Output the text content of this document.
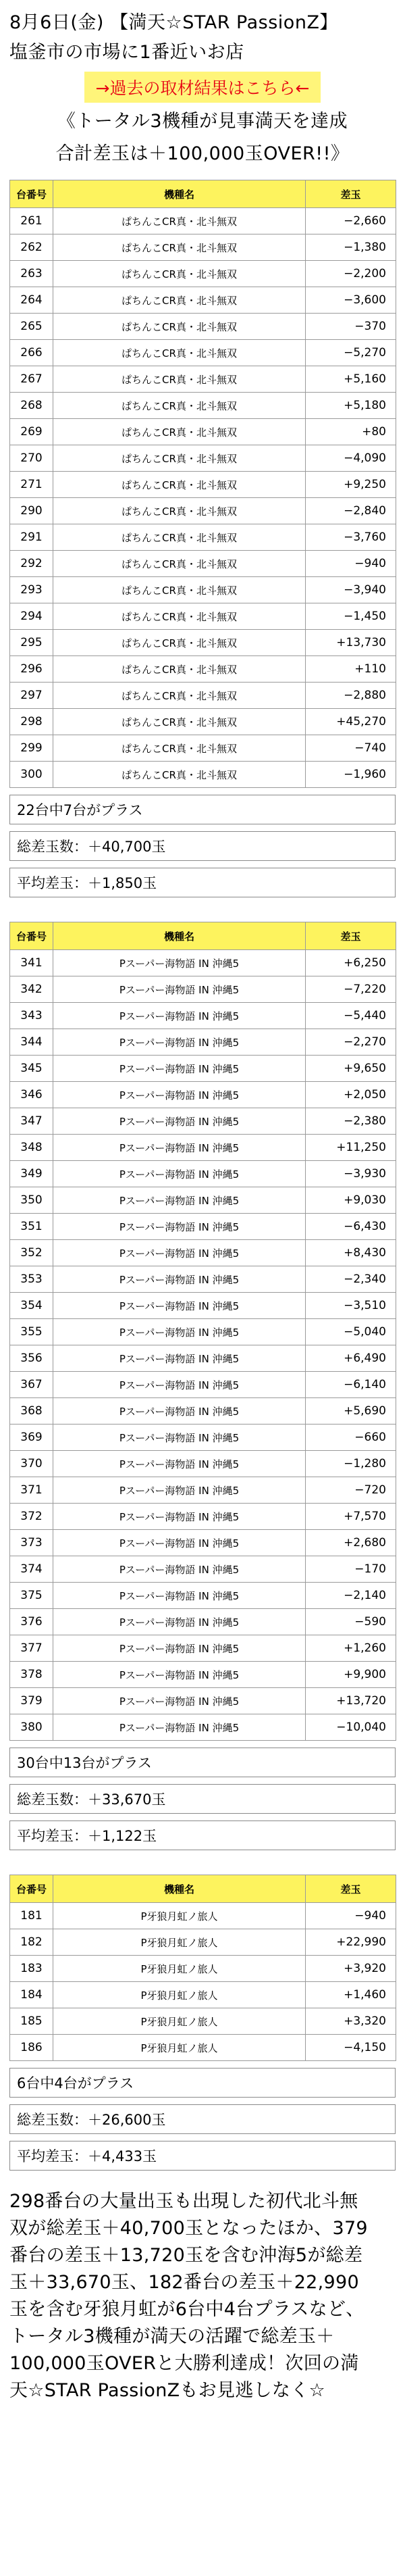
8月6日(金) 【満天☆STAR PassionZ】
塩釜市の市場に1番近いお店
→過去の取材結果はこちら←
《トータル3機種が見事満天を達成
合計差玉は＋100,000玉OVER!!》
台番号	機種名	差玉
261	ぱちんこCR真・北斗無双	−2,660
262	ぱちんこCR真・北斗無双	−1,380
263	ぱちんこCR真・北斗無双	−2,200
264	ぱちんこCR真・北斗無双	−3,600
265	ぱちんこCR真・北斗無双	−370
266	ぱちんこCR真・北斗無双	−5,270
267	ぱちんこCR真・北斗無双	+5,160
268	ぱちんこCR真・北斗無双	+5,180
269	ぱちんこCR真・北斗無双	+80
270	ぱちんこCR真・北斗無双	−4,090
271	ぱちんこCR真・北斗無双	+9,250
290	ぱちんこCR真・北斗無双	−2,840
291	ぱちんこCR真・北斗無双	−3,760
292	ぱちんこCR真・北斗無双	−940
293	ぱちんこCR真・北斗無双	−3,940
294	ぱちんこCR真・北斗無双	−1,450
295	ぱちんこCR真・北斗無双	+13,730
296	ぱちんこCR真・北斗無双	+110
297	ぱちんこCR真・北斗無双	−2,880
298	ぱちんこCR真・北斗無双	+45,270
299	ぱちんこCR真・北斗無双	−740
300	ぱちんこCR真・北斗無双	−1,960
22台中7台がプラス
総差玉数：＋40,700玉
平均差玉：＋1,850玉
台番号	機種名	差玉
341	Pスーパー海物語 IN 沖縄5	+6,250
342	Pスーパー海物語 IN 沖縄5	−7,220
343	Pスーパー海物語 IN 沖縄5	−5,440
344	Pスーパー海物語 IN 沖縄5	−2,270
345	Pスーパー海物語 IN 沖縄5	+9,650
346	Pスーパー海物語 IN 沖縄5	+2,050
347	Pスーパー海物語 IN 沖縄5	−2,380
348	Pスーパー海物語 IN 沖縄5	+11,250
349	Pスーパー海物語 IN 沖縄5	−3,930
350	Pスーパー海物語 IN 沖縄5	+9,030
351	Pスーパー海物語 IN 沖縄5	−6,430
352	Pスーパー海物語 IN 沖縄5	+8,430
353	Pスーパー海物語 IN 沖縄5	−2,340
354	Pスーパー海物語 IN 沖縄5	−3,510
355	Pスーパー海物語 IN 沖縄5	−5,040
356	Pスーパー海物語 IN 沖縄5	+6,490
367	Pスーパー海物語 IN 沖縄5	−6,140
368	Pスーパー海物語 IN 沖縄5	+5,690
369	Pスーパー海物語 IN 沖縄5	−660
370	Pスーパー海物語 IN 沖縄5	−1,280
371	Pスーパー海物語 IN 沖縄5	−720
372	Pスーパー海物語 IN 沖縄5	+7,570
373	Pスーパー海物語 IN 沖縄5	+2,680
374	Pスーパー海物語 IN 沖縄5	−170
375	Pスーパー海物語 IN 沖縄5	−2,140
376	Pスーパー海物語 IN 沖縄5	−590
377	Pスーパー海物語 IN 沖縄5	+1,260
378	Pスーパー海物語 IN 沖縄5	+9,900
379	Pスーパー海物語 IN 沖縄5	+13,720
380	Pスーパー海物語 IN 沖縄5	−10,040
30台中13台がプラス
総差玉数：＋33,670玉
平均差玉：＋1,122玉
台番号	機種名	差玉
181	P牙狼月虹ノ旅人	−940
182	P牙狼月虹ノ旅人	+22,990
183	P牙狼月虹ノ旅人	+3,920
184	P牙狼月虹ノ旅人	+1,460
185	P牙狼月虹ノ旅人	+3,320
186	P牙狼月虹ノ旅人	−4,150
6台中4台がプラス
総差玉数：＋26,600玉
平均差玉：＋4,433玉
298番台の大量出玉も出現した初代北斗無
双が総差玉＋40,700玉となったほか、379
番台の差玉＋13,720玉を含む沖海5が総差
玉＋33,670玉、182番台の差玉＋22,990
玉を含む牙狼月虹が6台中4台プラスなど、
トータル3機種が満天の活躍で総差玉＋
100,000玉OVERと大勝利達成！次回の満
天☆STAR PassionZもお見逃しなく☆
